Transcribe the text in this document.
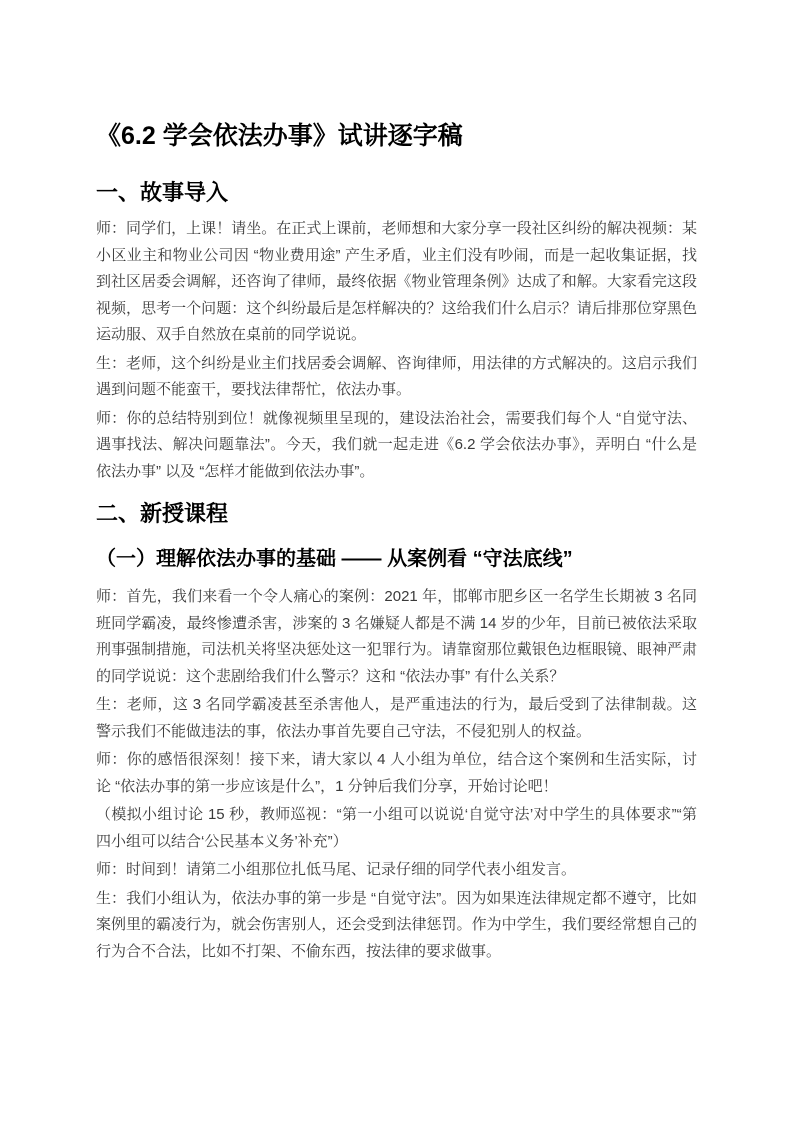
《6.2 学会依法办事》试讲逐字稿
一、故事导入

师：同学们，上课！请坐。在正式上课前，老师想和大家分享一段社区纠纷的解决视频：某小区业主和物业公司因 “物业费用途” 产生矛盾，业主们没有吵闹，而是一起收集证据，找到社区居委会调解，还咨询了律师，最终依据《物业管理条例》达成了和解。大家看完这段视频，思考一个问题：这个纠纷最后是怎样解决的？这给我们什么启示？请后排那位穿黑色运动服、双手自然放在桌前的同学说说。

生：老师，这个纠纷是业主们找居委会调解、咨询律师，用法律的方式解决的。这启示我们遇到问题不能蛮干，要找法律帮忙，依法办事。

师：你的总结特别到位！就像视频里呈现的，建设法治社会，需要我们每个人 “自觉守法、遇事找法、解决问题靠法”。今天，我们就一起走进《6.2 学会依法办事》，弄明白 “什么是依法办事” 以及 “怎样才能做到依法办事”。

二、新授课程
（一）理解依法办事的基础 —— 从案例看 “守法底线”

师：首先，我们来看一个令人痛心的案例：2021 年，邯郸市肥乡区一名学生长期被 3 名同班同学霸凌，最终惨遭杀害，涉案的 3 名嫌疑人都是不满 14 岁的少年，目前已被依法采取刑事强制措施，司法机关将坚决惩处这一犯罪行为。请靠窗那位戴银色边框眼镜、眼神严肃的同学说说：这个悲剧给我们什么警示？这和 “依法办事” 有什么关系？

生：老师，这 3 名同学霸凌甚至杀害他人，是严重违法的行为，最后受到了法律制裁。这警示我们不能做违法的事，依法办事首先要自己守法，不侵犯别人的权益。

师：你的感悟很深刻！接下来，请大家以 4 人小组为单位，结合这个案例和生活实际，讨论 “依法办事的第一步应该是什么”，1 分钟后我们分享，开始讨论吧！

（模拟小组讨论 15 秒，教师巡视：“第一小组可以说说‘自觉守法’对中学生的具体要求”“第四小组可以结合‘公民基本义务’补充”）

师：时间到！请第二小组那位扎低马尾、记录仔细的同学代表小组发言。

生：我们小组认为，依法办事的第一步是 “自觉守法”。因为如果连法律规定都不遵守，比如案例里的霸凌行为，就会伤害别人，还会受到法律惩罚。作为中学生，我们要经常想自己的行为合不合法，比如不打架、不偷东西，按法律的要求做事。
